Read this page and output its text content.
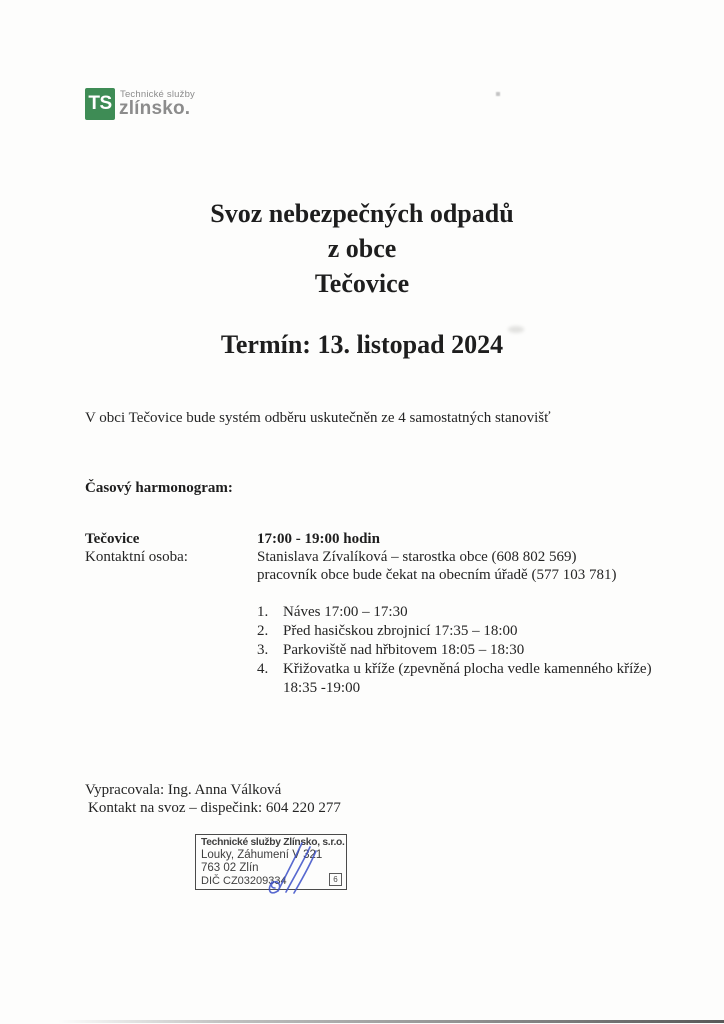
TS Technické služby
zlínsko.
Svoz nebezpečných odpadů
z obce
Tečovice
Termín: 13. listopad 2024
V obci Tečovice bude systém odběru uskutečněn ze 4 samostatných stanovišť
Časový harmonogram:
Tečovice	17:00 - 19:00 hodin
Kontaktní osoba:	Stanislava Zívalíková – starostka obce (608 802 569)
pracovník obce bude čekat na obecním úřadě (577 103 781)
1. Náves 17:00 – 17:30
2. Před hasičskou zbrojnicí 17:35 – 18:00
3. Parkoviště nad hřbitovem 18:05 – 18:30
4. Křižovatka u kříže (zpevněná plocha vedle kamenného kříže) 18:35 -19:00
Vypracovala: Ing. Anna Válková
Kontakt na svoz – dispečink: 604 220 277
Technické služby Zlínsko, s.r.o.
Louky, Záhumení V 321
763 02 Zlín
DIČ CZ03209334	6
